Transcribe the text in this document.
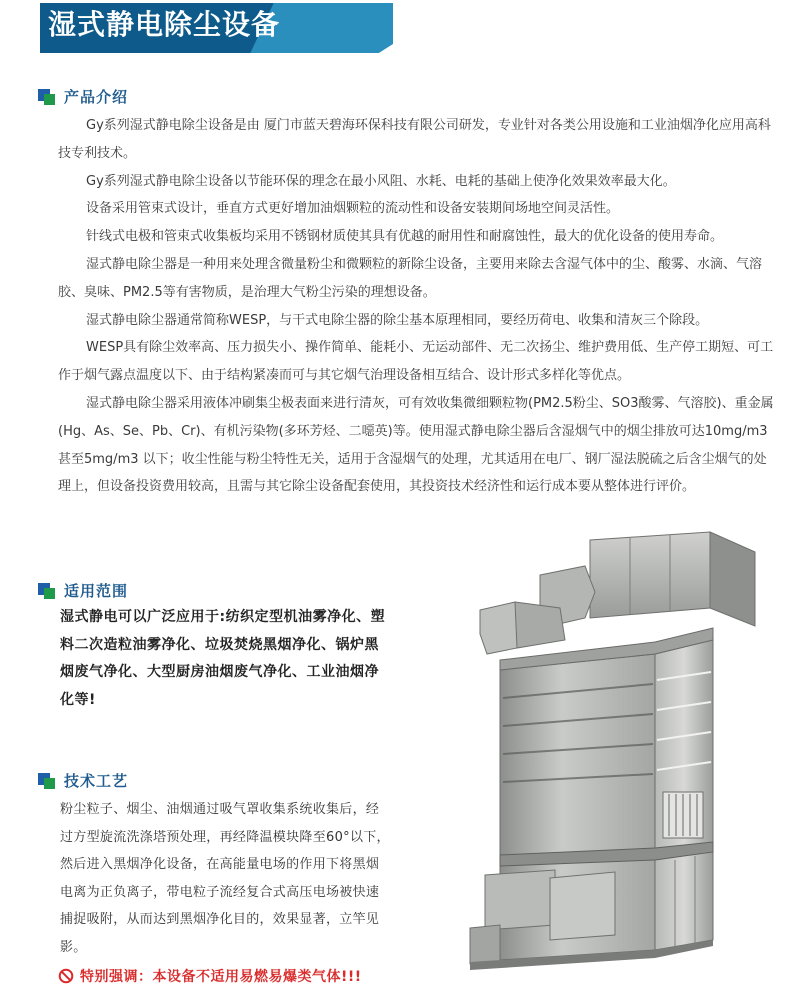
湿式静电除尘设备
产品介绍

Gy系列湿式静电除尘设备是由 厦门市蓝天碧海环保科技有限公司研发，专业针对各类公用设施和工业油烟净化应用高科技专利技术。

Gy系列湿式静电除尘设备以节能环保的理念在最小风阻、水耗、电耗的基础上使净化效果效率最大化。

设备采用管束式设计，垂直方式更好增加油烟颗粒的流动性和设备安装期间场地空间灵活性。

针线式电极和管束式收集板均采用不锈钢材质使其具有优越的耐用性和耐腐蚀性，最大的优化设备的使用寿命。

湿式静电除尘器是一种用来处理含微量粉尘和微颗粒的新除尘设备，主要用来除去含湿气体中的尘、酸雾、水滴、气溶胶、臭味、PM2.5等有害物质，是治理大气粉尘污染的理想设备。

湿式静电除尘器通常简称WESP，与干式电除尘器的除尘基本原理相同，要经历荷电、收集和清灰三个除段。

WESP具有除尘效率高、压力损失小、操作简单、能耗小、无运动部件、无二次扬尘、维护费用低、生产停工期短、可工作于烟气露点温度以下、由于结构紧凑而可与其它烟气治理设备相互结合、设计形式多样化等优点。

湿式静电除尘器采用液体冲刷集尘极表面来进行清灰，可有效收集微细颗粒物(PM2.5粉尘、SO3酸雾、气溶胶)、重金属(Hg、As、Se、Pb、Cr)、有机污染物(多环芳烃、二噁英)等。使用湿式静电除尘器后含湿烟气中的烟尘排放可达10mg/m3甚至5mg/m3 以下；收尘性能与粉尘特性无关，适用于含湿烟气的处理，尤其适用在电厂、钢厂湿法脱硫之后含尘烟气的处理上，但设备投资费用较高，且需与其它除尘设备配套使用，其投资技术经济性和运行成本要从整体进行评价。

适用范围
湿式静电可以广泛应用于:纺织定型机油雾净化、塑料二次造粒油雾净化、垃圾焚烧黑烟净化、锅炉黑烟废气净化、大型厨房油烟废气净化、工业油烟净化等!
技术工艺
粉尘粒子、烟尘、油烟通过吸气罩收集系统收集后，经过方型旋流洗涤塔预处理，再经降温模块降至60°以下，然后进入黑烟净化设备，在高能量电场的作用下将黑烟电离为正负离子，带电粒子流经复合式高压电场被快速捕捉吸附，从而达到黑烟净化目的，效果显著，立竿见影。
特别强调：本设备不适用易燃易爆类气体!!!
